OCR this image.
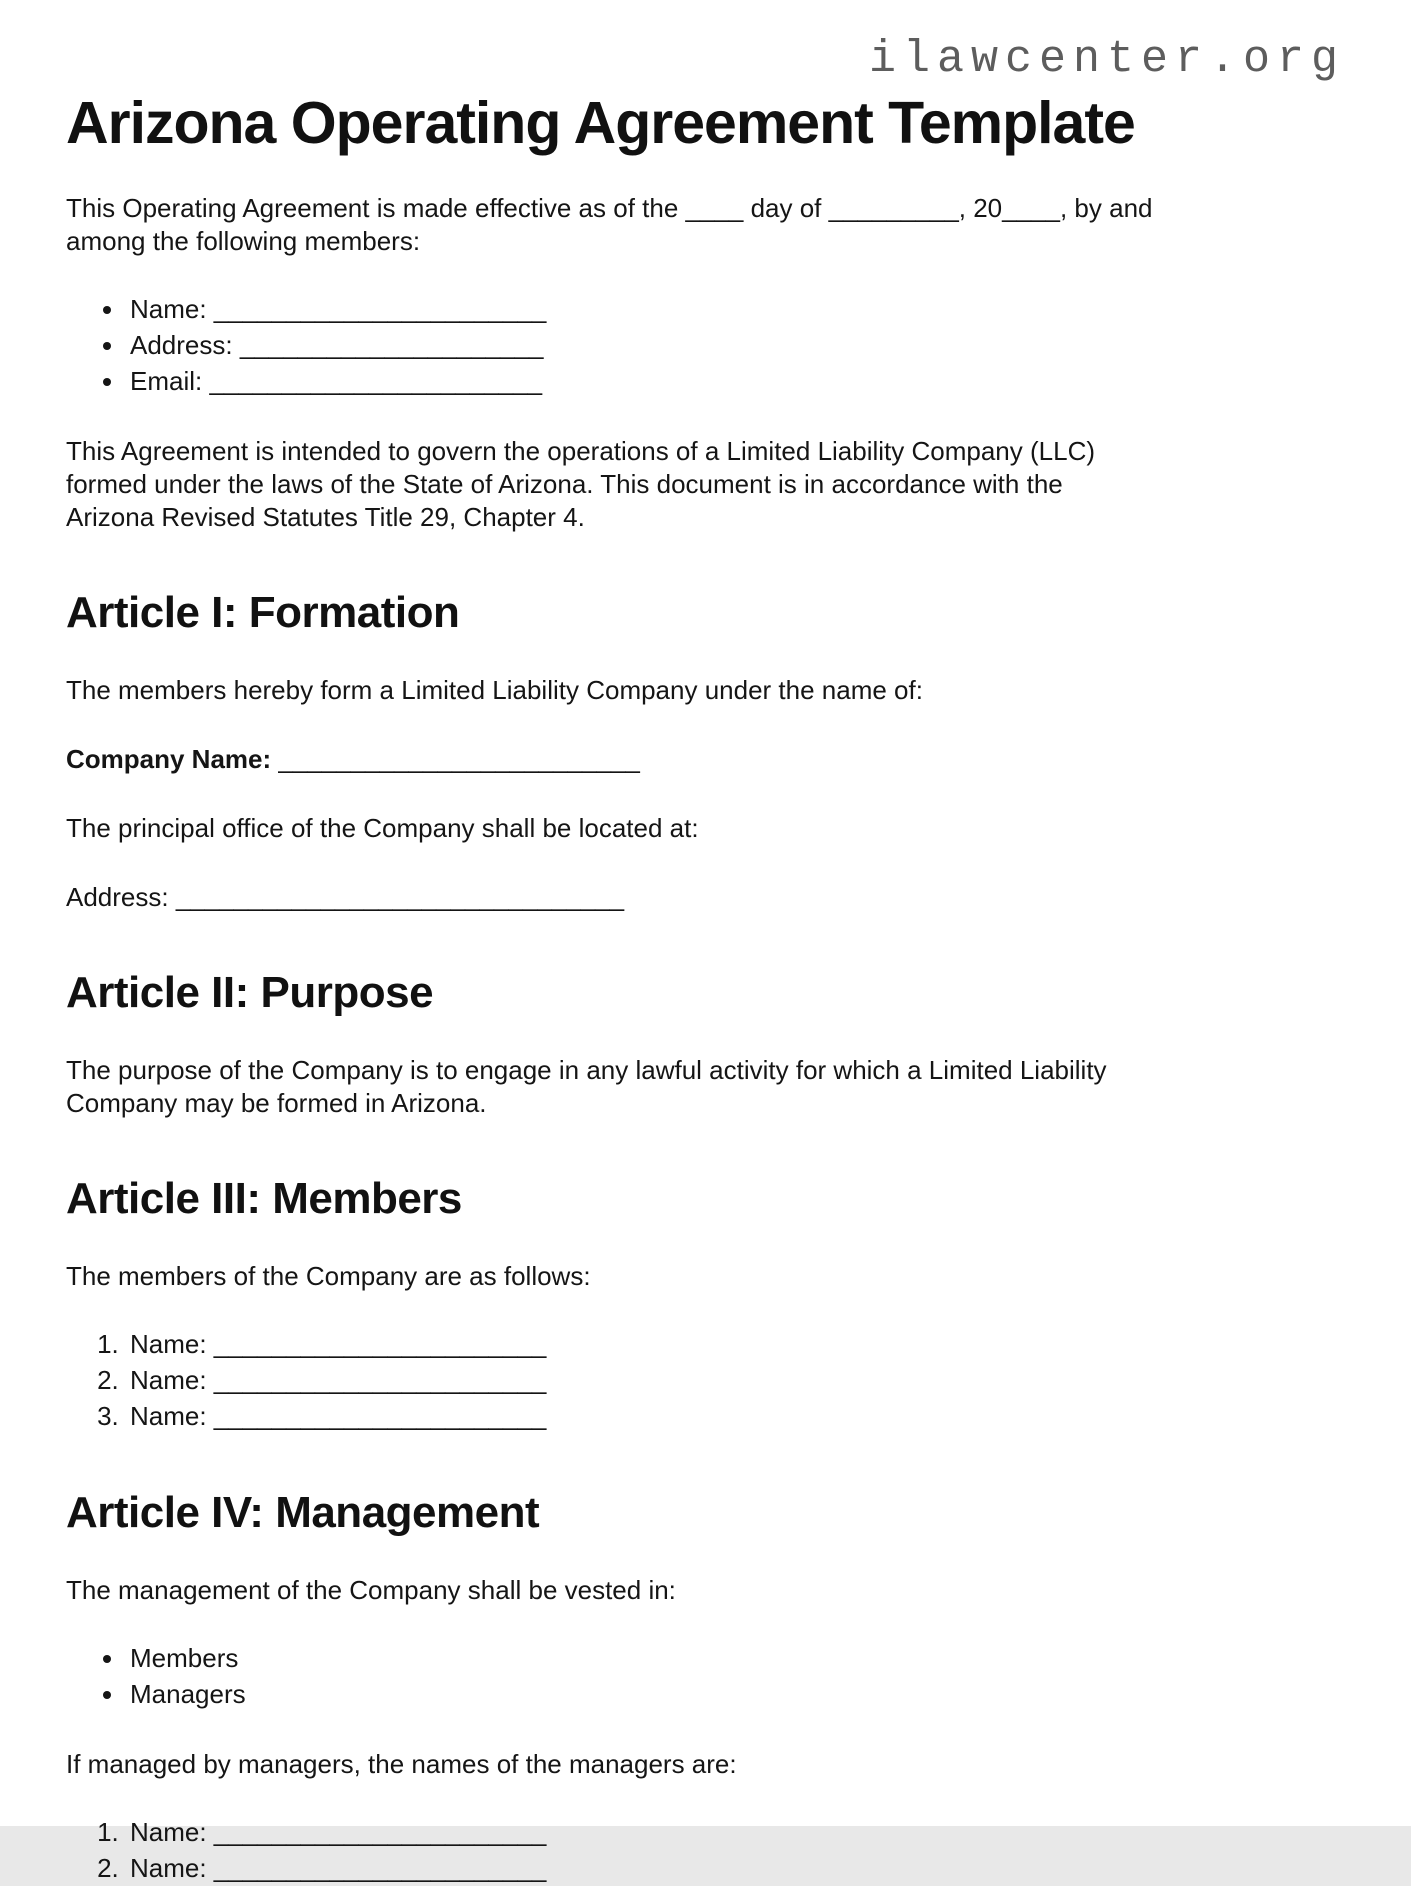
ilawcenter.org
Arizona Operating Agreement Template

This Operating Agreement is made effective as of the ____ day of _________, 20____, by and among the following members:

• Name: _______________________
• Address: _____________________
• Email: _______________________

This Agreement is intended to govern the operations of a Limited Liability Company (LLC) formed under the laws of the State of Arizona. This document is in accordance with the Arizona Revised Statutes Title 29, Chapter 4.

Article I: Formation

The members hereby form a Limited Liability Company under the name of:

Company Name: _________________________

The principal office of the Company shall be located at:

Address: _______________________________

Article II: Purpose

The purpose of the Company is to engage in any lawful activity for which a Limited Liability Company may be formed in Arizona.

Article III: Members

The members of the Company are as follows:

1. Name: _______________________
2. Name: _______________________
3. Name: _______________________
Article IV: Management

The management of the Company shall be vested in:

• Members
• Managers

If managed by managers, the names of the managers are:

1. Name: _______________________
2. Name: _______________________
